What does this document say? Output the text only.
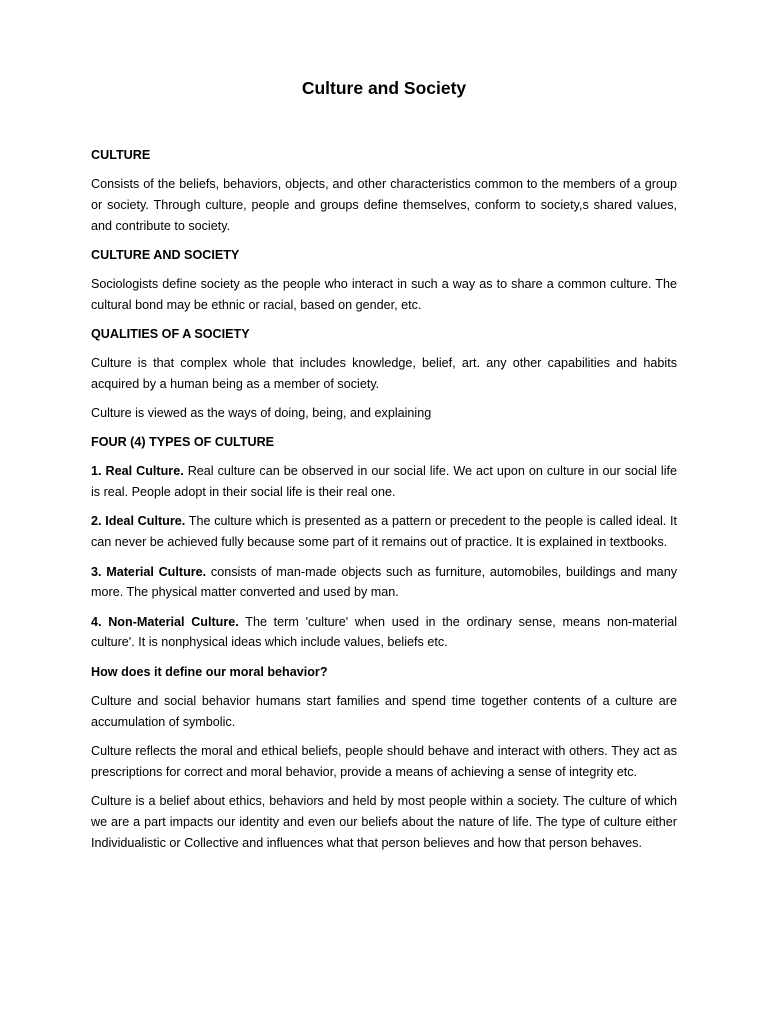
Culture and Society
CULTURE

Consists of the beliefs, behaviors, objects, and other characteristics common to the members of a group or society. Through culture, people and groups define themselves, conform to society,s shared values, and contribute to society.

CULTURE AND SOCIETY

Sociologists define society as the people who interact in such a way as to share a common culture. The cultural bond may be ethnic or racial, based on gender, etc.

QUALITIES OF A SOCIETY

Culture is that complex whole that includes knowledge, belief, art. any other capabilities and habits acquired by a human being as a member of society.

Culture is viewed as the ways of doing, being, and explaining

FOUR (4) TYPES OF CULTURE

1. Real Culture. Real culture can be observed in our social life. We act upon on culture in our social life is real. People adopt in their social life is their real one.

2. Ideal Culture. The culture which is presented as a pattern or precedent to the people is called ideal. It can never be achieved fully because some part of it remains out of practice. It is explained in textbooks.

3. Material Culture. consists of man-made objects such as furniture, automobiles, buildings and many more. The physical matter converted and used by man.

4. Non-Material Culture. The term 'culture' when used in the ordinary sense, means non-material culture'. It is nonphysical ideas which include values, beliefs etc.

How does it define our moral behavior?

Culture and social behavior humans start families and spend time together contents of a culture are accumulation of symbolic.

Culture reflects the moral and ethical beliefs, people should behave and interact with others. They act as prescriptions for correct and moral behavior, provide a means of achieving a sense of integrity etc.

Culture is a belief about ethics, behaviors and held by most people within a society. The culture of which we are a part impacts our identity and even our beliefs about the nature of life. The type of culture either Individualistic or Collective and influences what that person believes and how that person behaves.
